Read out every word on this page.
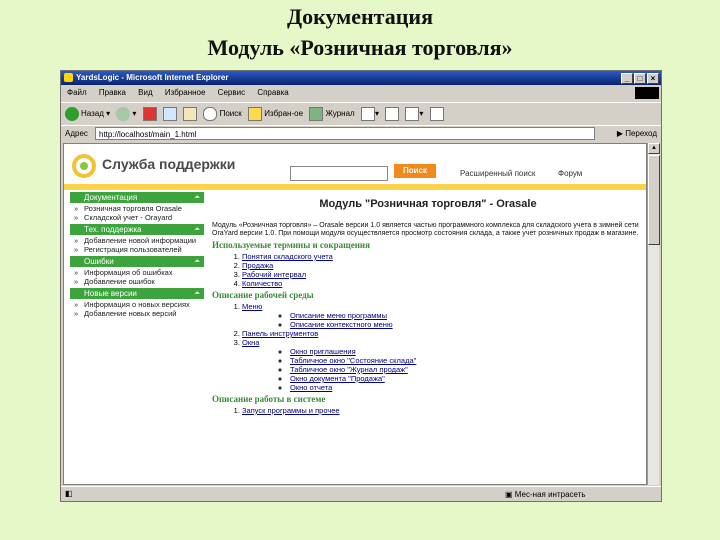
Документация
Модуль «Розничная торговля»
YardsLogic - Microsoft Internet Explorer	_ □ ×
Файл Правка Вид Избранное Сервис Справка
Назад ▾	▾	Поиск	Избран-ое	Журнал	▾	▾
Адрес	http://localhost/main_1.html	▶ Переход
Служба поддержки	Поиск	Расширенный поиск	Форум
Документация	⏶
» Розничная торговля Orasale
» Складской учет - Orayard
Тех. поддержка	⏶
» Добавление новой информации
» Регистрация пользователей
Ошибки	⏶
» Информация об ошибках
» Добавление ошибок
Новые версии	⏶
» Информация о новых версиях
» Добавление новых версий
Модуль "Розничная торговля" - Orasale
Модуль «Розничная торговля» – Orasale версии 1.0 является частью программного комплекса для складского учета в зимней сети OraYard версии 1.0. При помощи модуля осуществляется просмотр состояния склада, а также учет розничных продаж в магазине.
Используемые термины и сокращения
1. Понятия складского учета
2. Продажа
3. Рабочий интервал
4. Количество
Описание рабочей среды
1. Меню
◦ Описание меню программы
◦ Описание контекстного меню
2. Панель инструментов
3. Окна
◦ Окно приглашения
◦ Табличное окно "Состояние склада"
◦ Табличное окно "Журнал продаж"
◦ Окно документа "Продажа"
◦ Окно отчета
Описание работы в системе
1. Запуск программы и прочее
▲
◧	▣ Мес-ная интрасеть
